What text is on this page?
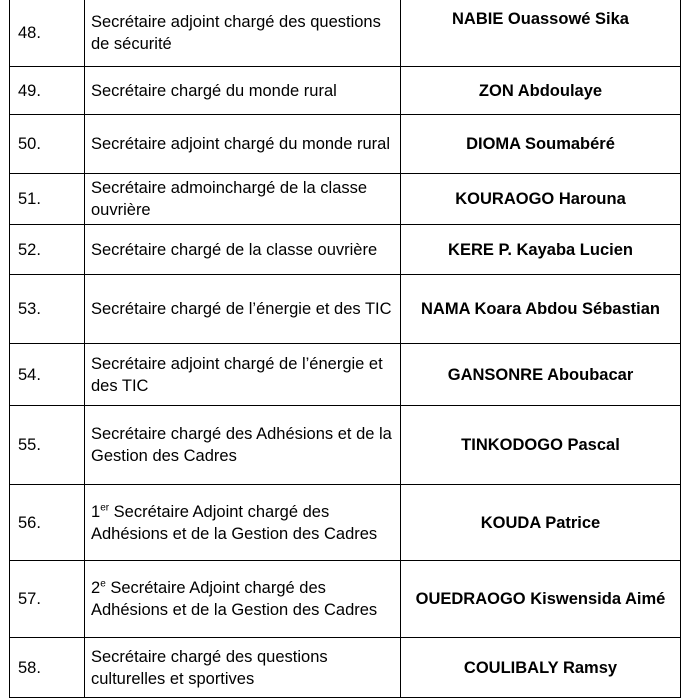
48.	Secrétaire adjoint chargé des questions de sécurité	NABIE Ouassowé Sika
49.	Secrétaire chargé du monde rural	ZON Abdoulaye
50.	Secrétaire adjoint chargé du monde rural	DIOMA Soumabéré
51.	Secrétaire admoinchargé de la classe ouvrière	KOURAOGO Harouna
52.	Secrétaire chargé de la classe ouvrière	KERE P. Kayaba Lucien
53.	Secrétaire chargé de l’énergie et des TIC	NAMA Koara Abdou Sébastian
54.	Secrétaire adjoint chargé de l’énergie et des TIC	GANSONRE Aboubacar
55.	Secrétaire chargé des Adhésions et de la Gestion des Cadres	TINKODOGO Pascal
56.	1er Secrétaire Adjoint chargé des Adhésions et de la Gestion des Cadres	KOUDA Patrice
57.	2e Secrétaire Adjoint chargé des Adhésions et de la Gestion des Cadres	OUEDRAOGO Kiswensida Aimé
58.	Secrétaire chargé des questions culturelles et sportives	COULIBALY Ramsy
